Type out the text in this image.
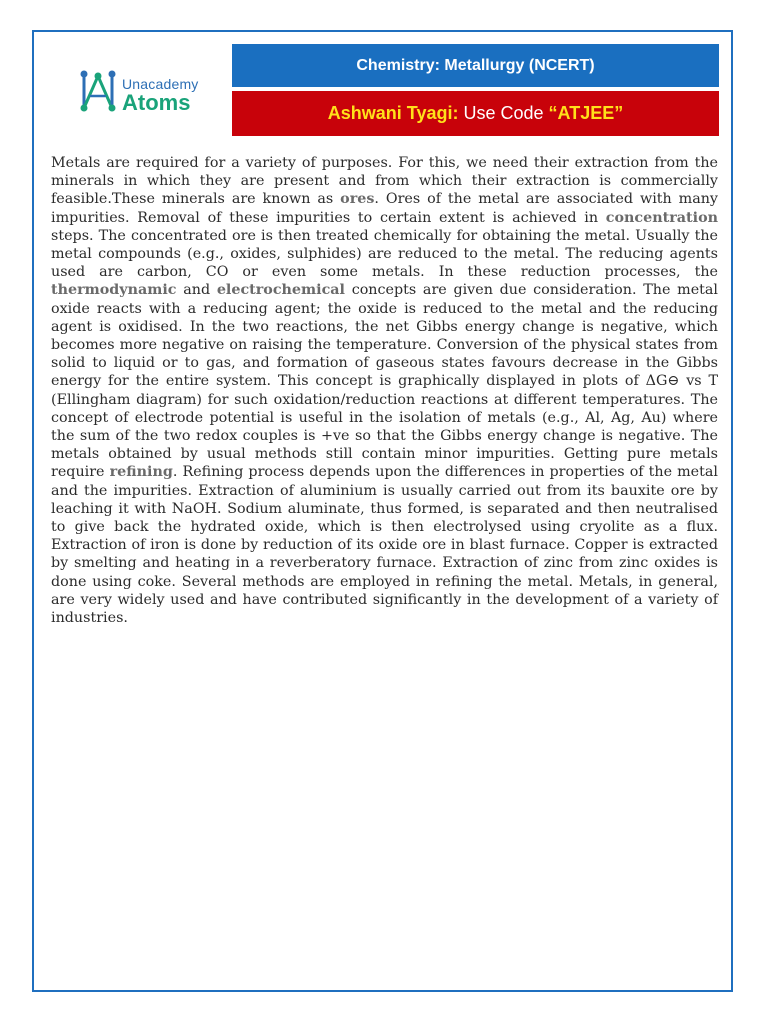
Unacademy
Atoms
Chemistry: Metallurgy (NCERT)
Ashwani Tyagi:
Use Code
“ATJEE”
Metals are required for a variety of purposes. For this, we need their extraction from the minerals in which they are present and from which their extraction is commercially feasible.These minerals are known as ores. Ores of the metal are associated with many impurities. Removal of these impurities to certain extent is achieved in concentration steps. The concentrated ore is then treated chemically for obtaining the metal. Usually the metal compounds (e.g., oxides, sulphides) are reduced to the metal. The reducing agents used are carbon, CO or even some metals. In these reduction processes, the thermodynamic and electrochemical concepts are given due consideration. The metal oxide reacts with a reducing agent; the oxide is reduced to the metal and the reducing agent is oxidised. In the two reactions, the net Gibbs energy change is negative, which becomes more negative on raising the temperature. Conversion of the physical states from solid to liquid or to gas, and formation of gaseous states favours decrease in the Gibbs energy for the entire system. This concept is graphically displayed in plots of ΔG⊖ vs T (Ellingham diagram) for such oxidation/reduction reactions at different temperatures. The concept of electrode potential is useful in the isolation of metals (e.g., Al, Ag, Au) where the sum of the two redox couples is +ve so that the Gibbs energy change is negative. The metals obtained by usual methods still contain minor impurities. Getting pure metals require refining. Refining process depends upon the differences in properties of the metal and the impurities. Extraction of aluminium is usually carried out from its bauxite ore by leaching it with NaOH. Sodium aluminate, thus formed, is separated and then neutralised to give back the hydrated oxide, which is then electrolysed using cryolite as a flux. Extraction of iron is done by reduction of its oxide ore in blast furnace. Copper is extracted by smelting and heating in a reverberatory furnace. Extraction of zinc from zinc oxides is done using coke. Several methods are employed in refining the metal. Metals, in general, are very widely used and have contributed significantly in the development of a variety of industries.
